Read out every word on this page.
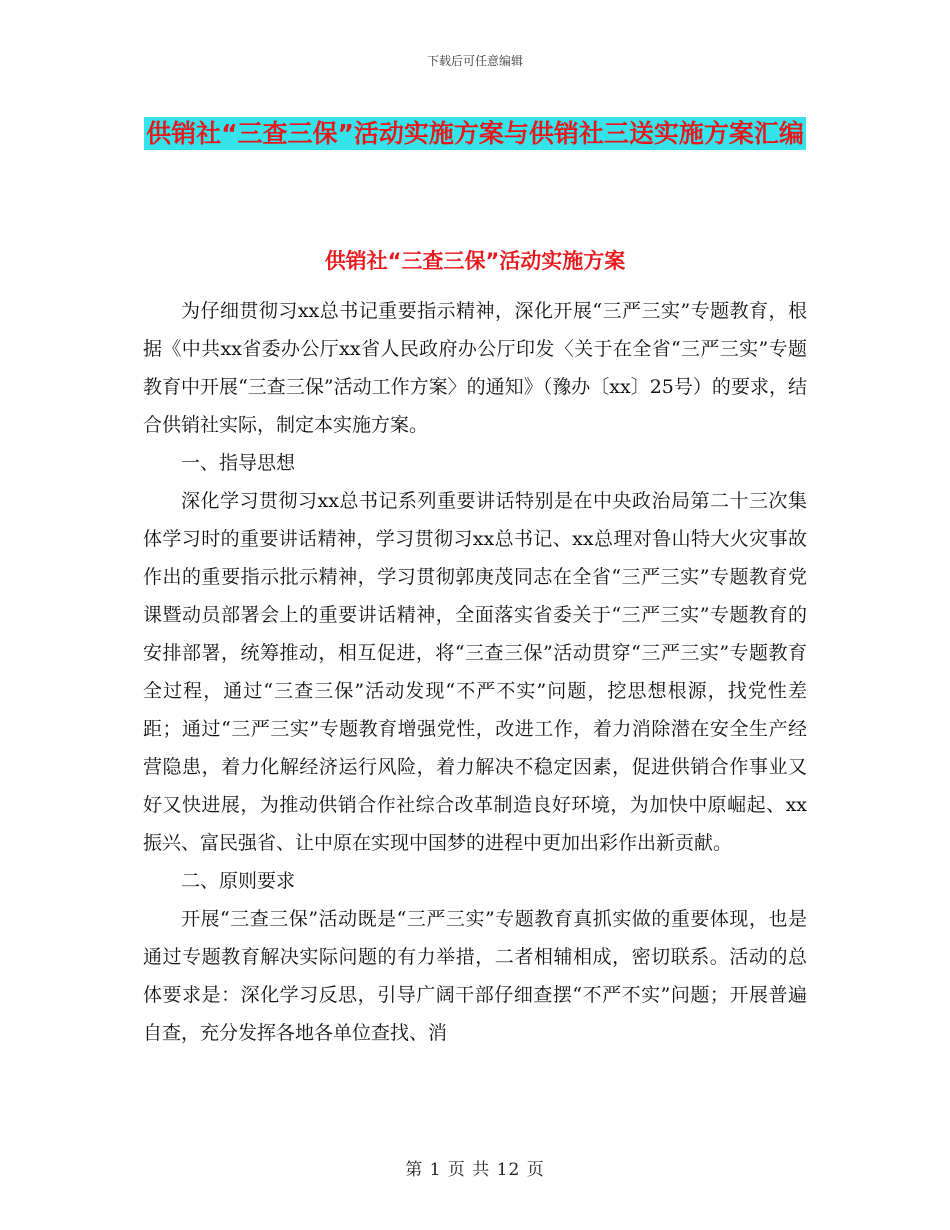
下载后可任意编辑
供销社“三查三保”活动实施方案与供销社三送实施方案汇编
供销社“三查三保”活动实施方案

为仔细贯彻习xx总书记重要指示精神，深化开展“三严三实”专题教育，根据《中共xx省委办公厅xx省人民政府办公厅印发〈关于在全省“三严三实”专题教育中开展“三查三保”活动工作方案〉的通知》（豫办〔xx〕25号）的要求，结合供销社实际，制定本实施方案。

一、指导思想

深化学习贯彻习xx总书记系列重要讲话特别是在中央政治局第二十三次集体学习时的重要讲话精神，学习贯彻习xx总书记、xx总理对鲁山特大火灾事故作出的重要指示批示精神，学习贯彻郭庚茂同志在全省“三严三实”专题教育党课暨动员部署会上的重要讲话精神，全面落实省委关于“三严三实”专题教育的安排部署，统筹推动，相互促进，将“三查三保”活动贯穿“三严三实”专题教育全过程，通过“三查三保”活动发现“不严不实”问题，挖思想根源，找党性差距；通过“三严三实”专题教育增强党性，改进工作，着力消除潜在安全生产经营隐患，着力化解经济运行风险，着力解决不稳定因素，促进供销合作事业又好又快进展，为推动供销合作社综合改革制造良好环境，为加快中原崛起、xx振兴、富民强省、让中原在实现中国梦的进程中更加出彩作出新贡献。

二、原则要求

开展“三查三保”活动既是“三严三实”专题教育真抓实做的重要体现，也是通过专题教育解决实际问题的有力举措，二者相辅相成，密切联系。活动的总体要求是：深化学习反思，引导广阔干部仔细查摆“不严不实”问题；开展普遍自查，充分发挥各地各单位查找、消

第 1 页 共 12 页
